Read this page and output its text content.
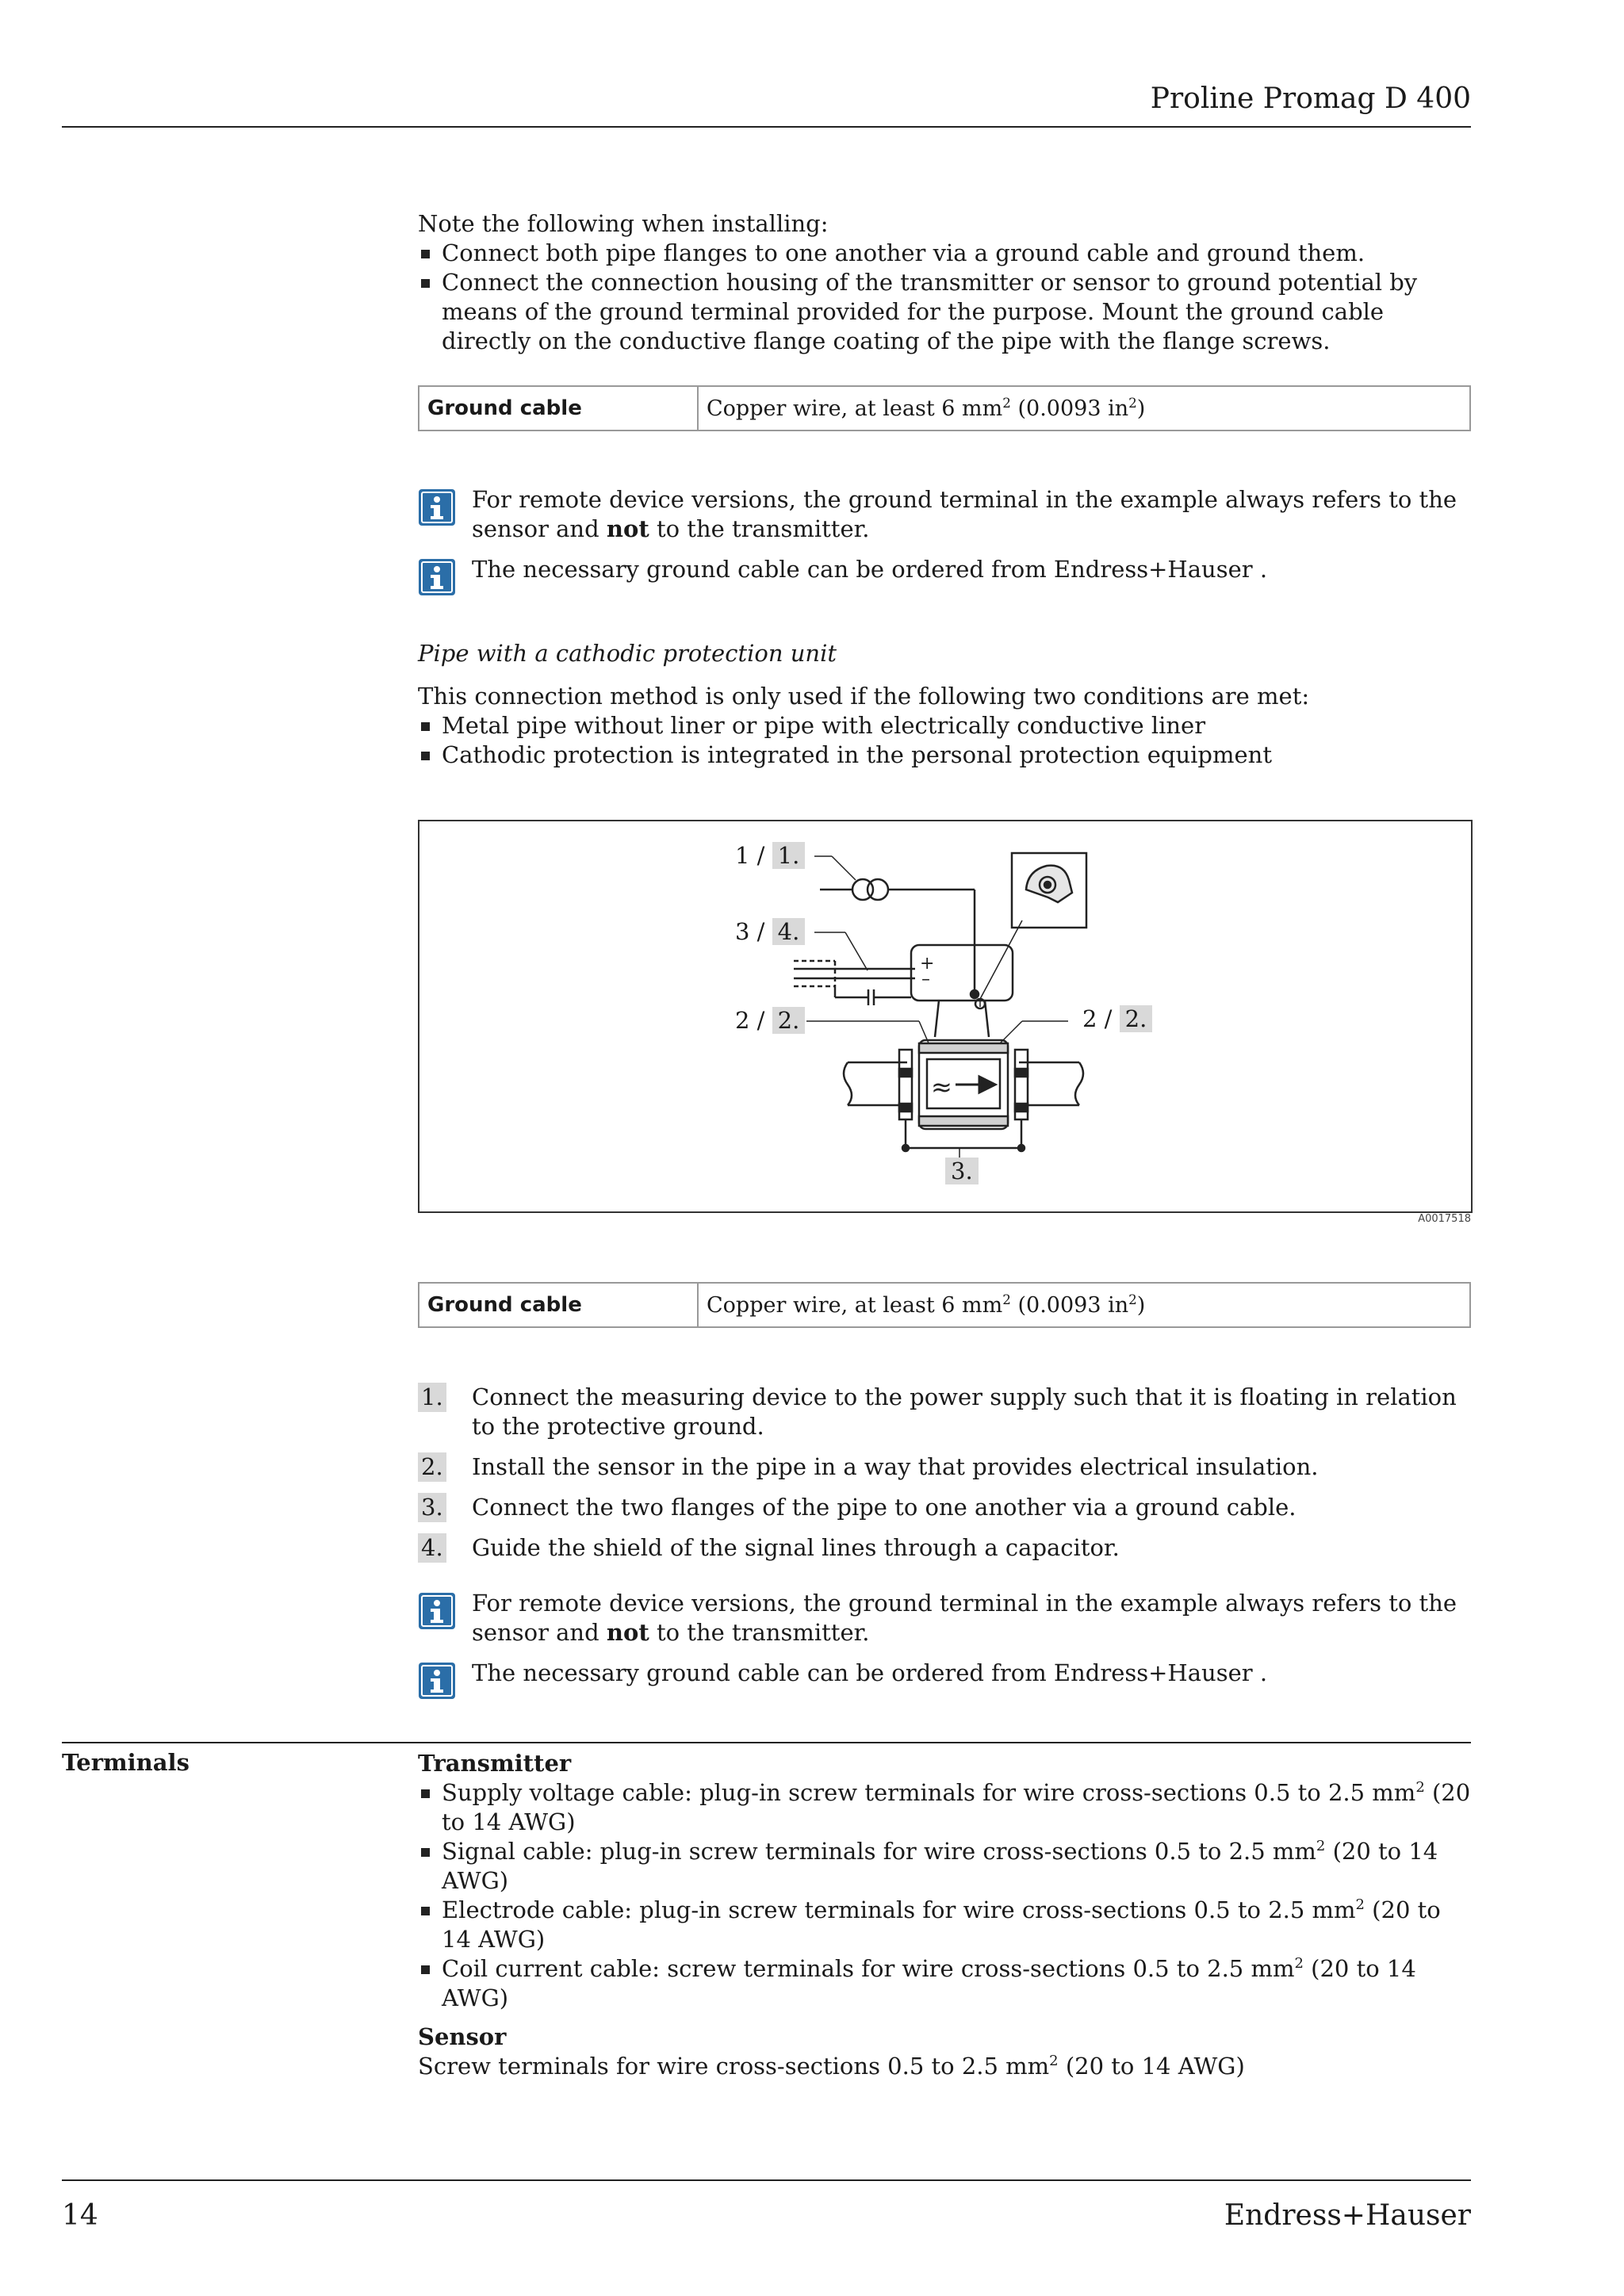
Proline Promag D 400
Note the following when installing:
Connect both pipe flanges to one another via a ground cable and ground them.
Connect the connection housing of the transmitter or sensor to ground potential by means of the ground terminal provided for the purpose. Mount the ground cable directly on the conductive flange coating of the pipe with the flange screws.
Ground cable	Copper wire, at least 6 $mm^2$ (0.0093 $in^2$)
For remote device versions, the ground terminal in the example always refers to the sensor and not to the transmitter.
The necessary ground cable can be ordered from Endress+Hauser .
Pipe with a cathodic protection unit
This connection method is only used if the following two conditions are met:
Metal pipe without liner or pipe with electrically conductive liner
Cathodic protection is integrated in the personal protection equipment
+
–
≈
1 / 1.
3 / 4.
2 / 2.	2 / 2.
3.
A0017518
Ground cable	Copper wire, at least 6 $mm^2$ (0.0093 $in^2$)
1. Connect the measuring device to the power supply such that it is floating in relation to the protective ground.
2. Install the sensor in the pipe in a way that provides electrical insulation.
3. Connect the two flanges of the pipe to one another via a ground cable.
4. Guide the shield of the signal lines through a capacitor.
For remote device versions, the ground terminal in the example always refers to the sensor and not to the transmitter.
The necessary ground cable can be ordered from Endress+Hauser .
Terminals	Transmitter
Supply voltage cable: plug-in screw terminals for wire cross-sections 0.5 to 2.5 $mm^2$ (20 to 14 AWG)
Signal cable: plug-in screw terminals for wire cross-sections 0.5 to 2.5 $mm^2$ (20 to 14 AWG)
Electrode cable: plug-in screw terminals for wire cross-sections 0.5 to 2.5 $mm^2$ (20 to 14 AWG)
Coil current cable: screw terminals for wire cross-sections 0.5 to 2.5 $mm^2$ (20 to 14 AWG)
Sensor
Screw terminals for wire cross-sections 0.5 to 2.5 $mm^2$ (20 to 14 AWG)
14	Endress+Hauser
